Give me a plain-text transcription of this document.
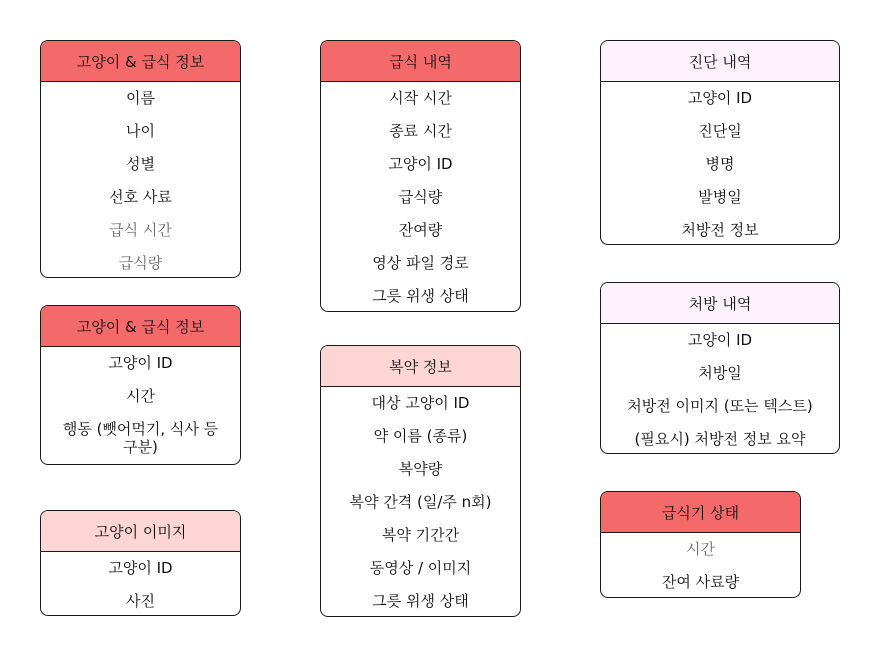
고양이 & 급식 정보
이름
나이
성별
선호 사료
급식 시간
급식량
고양이 & 급식 정보
고양이 ID
시간
행동 (뺏어먹기, 식사 등 구분)
고양이 이미지
고양이 ID
사진
급식 내역
시작 시간
종료 시간
고양이 ID
급식량
잔여량
영상 파일 경로
그릇 위생 상태
복약 정보
대상 고양이 ID
약 이름 (종류)
복약량
복약 간격 (일/주 n회)
복약 기간간
동영상 / 이미지
그릇 위생 상태
진단 내역
고양이 ID
진단일
병명
발병일
처방전 정보
처방 내역
고양이 ID
처방일
처방전 이미지 (또는 텍스트)
(필요시) 처방전 정보 요약
급식기 상태
시간
잔여 사료량
